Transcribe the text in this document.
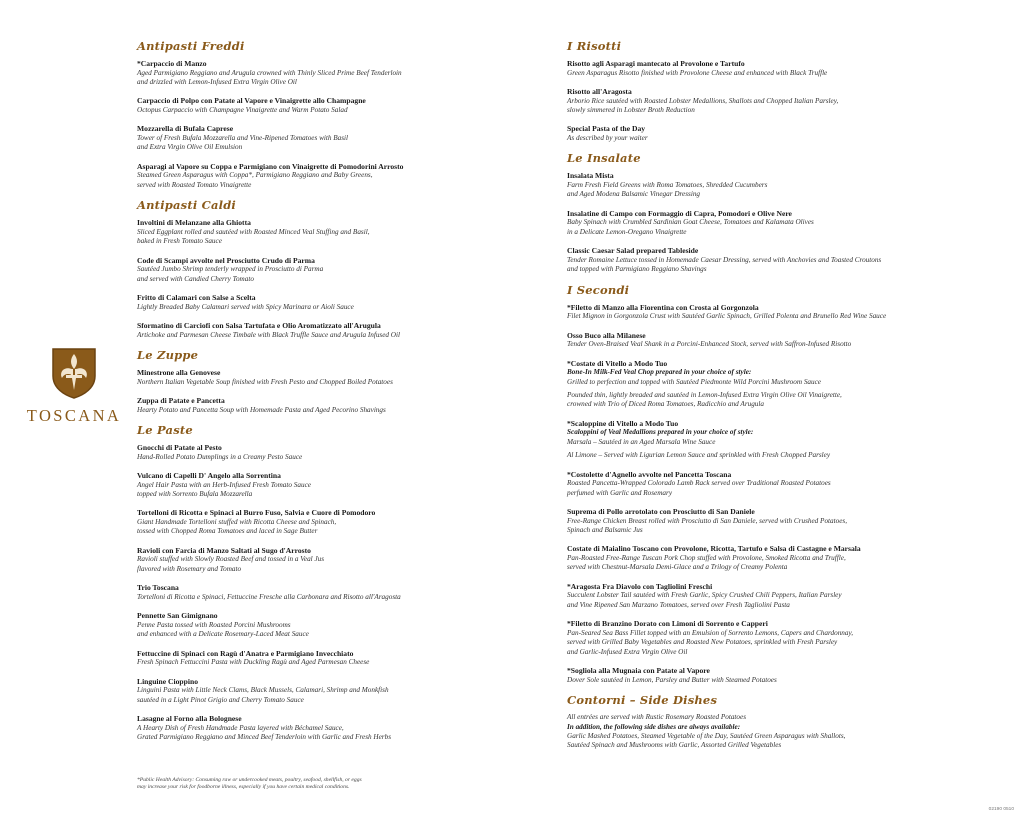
Antipasti Freddi
*Carpaccio di Manzo
Aged Parmigiano Reggiano and Arugula crowned with Thinly Sliced Prime Beef Tenderloin
and drizzled with Lemon-Infused Extra Virgin Olive Oil
Carpaccio di Polpo con Patate al Vapore e Vinaigrette allo Champagne
Octopus Carpaccio with Champagne Vinaigrette and Warm Potato Salad
Mozzarella di Bufala Caprese
Tower of Fresh Bufala Mozzarella and Vine-Ripened Tomatoes with Basil
and Extra Virgin Olive Oil Emulsion
Asparagi al Vapore su Coppa e Parmigiano con Vinaigrette di Pomodorini Arrosto
Steamed Green Asparagus with Coppa*, Parmigiano Reggiano and Baby Greens,
served with Roasted Tomato Vinaigrette
Antipasti Caldi
Involtini di Melanzane alla Ghiotta
Sliced Eggplant rolled and sautéed with Roasted Minced Veal Stuffing and Basil,
baked in Fresh Tomato Sauce
Code di Scampi avvolte nel Prosciutto Crudo di Parma
Sautéed Jumbo Shrimp tenderly wrapped in Prosciutto di Parma
and served with Candied Cherry Tomato
Fritto di Calamari con Salse a Scelta
Lightly Breaded Baby Calamari served with Spicy Marinara or Aioli Sauce
Sformatino di Carciofi con Salsa Tartufata e Olio Aromatizzato all'Arugula
Artichoke and Parmesan Cheese Timbale with Black Truffle Sauce and Arugula Infused Oil
Le Zuppe
Minestrone alla Genovese
Northern Italian Vegetable Soup finished with Fresh Pesto and Chopped Boiled Potatoes
Zuppa di Patate e Pancetta
Hearty Potato and Pancetta Soup with Homemade Pasta and Aged Pecorino Shavings
Le Paste
Gnocchi di Patate al Pesto
Hand-Rolled Potato Dumplings in a Creamy Pesto Sauce
Vulcano di Capelli D' Angelo alla Sorrentina
Angel Hair Pasta with an Herb-Infused Fresh Tomato Sauce
topped with Sorrento Bufala Mozzarella
Tortelloni di Ricotta e Spinaci al Burro Fuso, Salvia e Cuore di Pomodoro
Giant Handmade Tortelloni stuffed with Ricotta Cheese and Spinach,
tossed with Chopped Roma Tomatoes and laced in Sage Butter
Ravioli con Farcia di Manzo Saltati al Sugo d'Arrosto
Ravioli stuffed with Slowly Roasted Beef and tossed in a Veal Jus
flavored with Rosemary and Tomato
Trio Toscana
Tortelloni di Ricotta e Spinaci, Fettuccine Fresche alla Carbonara and Risotto all'Aragosta
Pennette San Gimignano
Penne Pasta tossed with Roasted Porcini Mushrooms
and enhanced with a Delicate Rosemary-Laced Meat Sauce
Fettuccine di Spinaci con Ragù d'Anatra e Parmigiano Invecchiato
Fresh Spinach Fettuccini Pasta with Duckling Ragù and Aged Parmesan Cheese
Linguine Cioppino
Linguini Pasta with Little Neck Clams, Black Mussels, Calamari, Shrimp and Monkfish
sautéed in a Light Pinot Grigio and Cherry Tomato Sauce
Lasagne al Forno alla Bolognese
A Hearty Dish of Fresh Handmade Pasta layered with Béchamel Sauce,
Grated Parmigiano Reggiano and Minced Beef Tenderloin with Garlic and Fresh Herbs
I Risotti
Risotto agli Asparagi mantecato al Provolone e Tartufo
Green Asparagus Risotto finished with Provolone Cheese and enhanced with Black Truffle
Risotto all'Aragosta
Arborio Rice sautéed with Roasted Lobster Medallions, Shallots and Chopped Italian Parsley,
slowly simmered in Lobster Broth Reduction
Special Pasta of the Day
As described by your waiter
Le Insalate
Insalata Mista
Farm Fresh Field Greens with Roma Tomatoes, Shredded Cucumbers
and Aged Modena Balsamic Vinegar Dressing
Insalatine di Campo con Formaggio di Capra, Pomodori e Olive Nere
Baby Spinach with Crumbled Sardinian Goat Cheese, Tomatoes and Kalamata Olives
in a Delicate Lemon-Oregano Vinaigrette
Classic Caesar Salad prepared Tableside
Tender Romaine Lettuce tossed in Homemade Caesar Dressing, served with Anchovies and Toasted Croutons
and topped with Parmigiano Reggiano Shavings
I Secondi
*Filetto di Manzo alla Fiorentina con Crosta al Gorgonzola
Filet Mignon in Gorgonzola Crust with Sautéed Garlic Spinach, Grilled Polenta and Brunello Red Wine Sauce
Osso Buco alla Milanese
Tender Oven-Braised Veal Shank in a Porcini-Enhanced Stock, served with Saffron-Infused Risotto
*Costate di Vitello a Modo Tuo
Bone-In Milk-Fed Veal Chop prepared in your choice of style:
Grilled to perfection and topped with Sautéed Piedmonte Wild Porcini Mushroom Sauce
Pounded thin, lightly breaded and sautéed in Lemon-Infused Extra Virgin Olive Oil Vinaigrette,
crowned with Trio of Diced Roma Tomatoes, Radicchio and Arugula
*Scaloppine di Vitello a Modo Tuo
Scaloppini of Veal Medallions prepared in your choice of style:
Marsala – Sautéed in an Aged Marsala Wine Sauce
Al Limone – Served with Ligurian Lemon Sauce and sprinkled with Fresh Chopped Parsley
*Costolette d'Agnello avvolte nel Pancetta Toscana
Roasted Pancetta-Wrapped Colorado Lamb Rack served over Traditional Roasted Potatoes
perfumed with Garlic and Rosemary
Suprema di Pollo arrotolato con Prosciutto di San Daniele
Free-Range Chicken Breast rolled with Prosciutto di San Daniele, served with Crushed Potatoes,
Spinach and Balsamic Jus
Costate di Maialino Toscano con Provolone, Ricotta, Tartufo e Salsa di Castagne e Marsala
Pan-Roasted Free-Range Tuscan Pork Chop stuffed with Provolone, Smoked Ricotta and Truffle,
served with Chestnut-Marsala Demi-Glace and a Trilogy of Creamy Polenta
*Aragosta Fra Diavolo con Tagliolini Freschi
Succulent Lobster Tail sautéed with Fresh Garlic, Spicy Crushed Chili Peppers, Italian Parsley
and Vine Ripened San Marzano Tomatoes, served over Fresh Tagliolini Pasta
*Filetto di Branzino Dorato con Limoni di Sorrento e Capperi
Pan-Seared Sea Bass Fillet topped with an Emulsion of Sorrento Lemons, Capers and Chardonnay,
served with Grilled Baby Vegetables and Roasted New Potatoes, sprinkled with Fresh Parsley
and Garlic-Infused Extra Virgin Olive Oil
*Sogliola alla Mugnaia con Patate al Vapore
Dover Sole sautéed in Lemon, Parsley and Butter with Steamed Potatoes
Contorni – Side Dishes
All entrées are served with Rustic Rosemary Roasted Potatoes
In addition, the following side dishes are always available:
Garlic Mashed Potatoes, Steamed Vegetable of the Day, Sautéed Green Asparagus with Shallots,
Sautéed Spinach and Mushrooms with Garlic, Assorted Grilled Vegetables
TOSCANA
*Public Health Advisory: Consuming raw or undercooked meats, poultry, seafood, shellfish, or eggs
may increase your risk for foodborne illness, especially if you have certain medical conditions.
02190 0510
